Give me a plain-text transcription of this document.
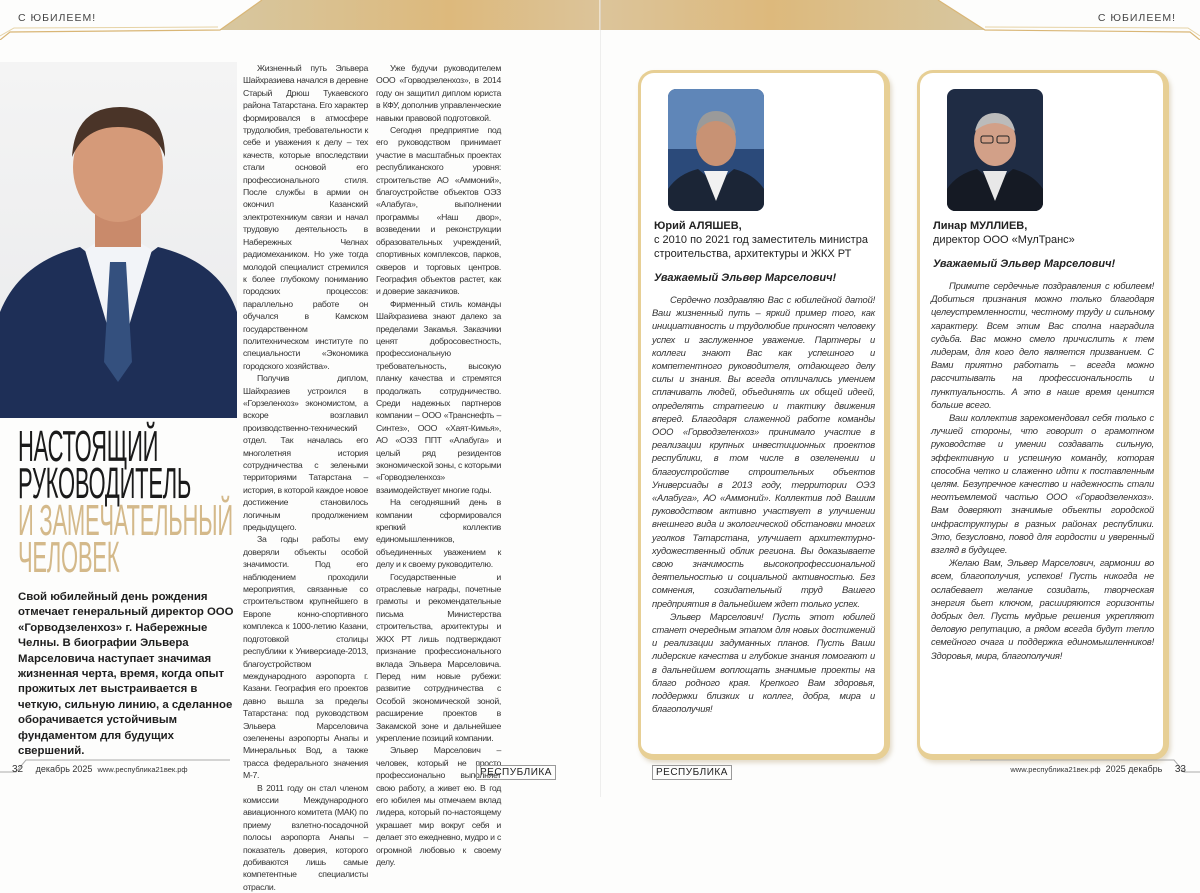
С ЮБИЛЕЕМ!	С ЮБИЛЕЕМ!
НАСТОЯЩИЙ
РУКОВОДИТЕЛЬ
И ЗАМЕЧАТЕЛЬНЫЙ
ЧЕЛОВЕК
Свой юбилейный день рождения отмечает генеральный директор ООО «Горводзеленхоз» г. Набережные Челны. В биографии Эльвера Марселовича наступает значимая жизненная черта, время, когда опыт прожитых лет выстраивается в четкую, сильную линию, а сделанное оборачивается устойчивым фундаментом для будущих свершений.

Жизненный путь Эльвера Шайхразиева начался в деревне Старый Дрюш Тукаевского района Татарстана. Его характер формировался в атмосфере трудолюбия, требовательности к себе и уважения к делу – тех качеств, которые впоследствии стали основой его профессионального стиля. После службы в армии он окончил Казанский электротехникум связи и начал трудовую деятельность в Набережных Челнах радиомехаником. Но уже тогда молодой специалист стремился к более глубокому пониманию городских процессов: параллельно работе он обучался в Камском государственном политехническом институте по специальности «Экономика городского хозяйства».

Получив диплом, Шайхразиев устроился в «Горзеленхоз» экономистом, а вскоре возглавил производственно-технический отдел. Так началась его многолетняя история сотрудничества с зелеными территориями Татарстана – история, в которой каждое новое достижение становилось логичным продолжением предыдущего.

За годы работы ему доверяли объекты особой значимости. Под его наблюдением проходили мероприятия, связанные со строительством крупнейшего в Европе конно-спортивного комплекса к 1000-летию Казани, подготовкой столицы республики к Универсиаде-2013, благоустройством международного аэропорта г. Казани. География его проектов давно вышла за пределы Татарстана: под руководством Эльвера Марселовича озеленены аэропорты Анапы и Минеральных Вод, а также трасса федерального значения М-7.

В 2011 году он стал членом комиссии Международного авиационного комитета (МАК) по приему взлетно-посадочной полосы аэропорта Анапы – показатель доверия, которого добиваются лишь самые компетентные специалисты отрасли.

Уже будучи руководителем ООО «Горводзеленхоз», в 2014 году он защитил диплом юриста в КФУ, дополнив управленческие навыки правовой подготовкой.

Сегодня предприятие под его руководством принимает участие в масштабных проектах республиканского уровня: строительстве АО «Аммоний», благоустройстве объектов ОЭЗ «Алабуга», выполнении программы «Наш двор», возведении и реконструкции образовательных учреждений, спортивных комплексов, парков, скверов и торговых центров. География объектов растет, как и доверие заказчиков.

Фирменный стиль команды Шайхразиева знают далеко за пределами Закамья. Заказчики ценят добросовестность, профессиональную требовательность, высокую планку качества и стремятся продолжать сотрудничество. Среди надежных партнеров компании – ООО «Транснефть – Синтез», ООО «Хаят-Кимья», АО «ОЭЗ ППТ «Алабуга» и целый ряд резидентов экономической зоны, с которыми «Горводзеленхоз» взаимодействует многие годы.

На сегодняшний день в компании сформировался крепкий коллектив единомышленников, объединенных уважением к делу и к своему руководителю.

Государственные и отраслевые награды, почетные грамоты и рекомендательные письма Министерства строительства, архитектуры и ЖКХ РТ лишь подтверждают признание профессионального вклада Эльвера Марселовича. Перед ним новые рубежи: развитие сотрудничества с Особой экономической зоной, расширение проектов в Закамской зоне и дальнейшее укрепление позиций компании.

Эльвер Марселович – человек, который не просто профессионально выполняет свою работу, а живет ею. В год его юбилея мы отмечаем вклад лидера, который по-настоящему украшает мир вокруг себя и делает это ежедневно, мудро и с огромной любовью к своему делу.

Юрий АЛЯШЕВ,
с 2010 по 2021 год заместитель министра строительства, архитектуры и ЖКХ РТ
Уважаемый Эльвер Марселович!

Сердечно поздравляю Вас с юбилейной датой! Ваш жизненный путь – яркий пример того, как инициативность и трудолюбие приносят человеку успех и заслуженное уважение. Партнеры и коллеги знают Вас как успешного и компетентного руководителя, отдающего делу силы и знания. Вы всегда отличались умением сплачивать людей, объединять их общей идеей, определять стратегию и тактику движения вперед. Благодаря слаженной работе команды ООО «Горводзеленхоз» принимало участие в реализации крупных инвестиционных проектов республики, в том числе в озеленении и благоустройстве строительных объектов Универсиады в 2013 году, территории ОЭЗ «Алабуга», АО «Аммоний». Коллектив под Вашим руководством активно участвует в улучшении внешнего вида и экологической обстановки многих уголков Татарстана, улучшает архитектурно-художественный облик региона. Вы доказываете свою значимость высокопрофессиональной деятельностью и социальной активностью. Без сомнения, созидательный труд Вашего предприятия в дальнейшем ждет только успех.

Эльвер Марселович! Пусть этот юбилей станет очередным этапом для новых достижений и реализации задуманных планов. Пусть Ваши лидерские качества и глубокие знания помогают и в дальнейшем воплощать значимые проекты на благо родного края. Крепкого Вам здоровья, поддержки близких и коллег, добра, мира и благополучия!

Линар МУЛЛИЕВ,
директор ООО «МулТранс»
Уважаемый Эльвер Марселович!

Примите сердечные поздравления с юбилеем! Добиться признания можно только благодаря целеустремленности, честному труду и сильному характеру. Всем этим Вас сполна наградила судьба. Вас можно смело причислить к тем лидерам, для кого дело является призванием. С Вами приятно работать – всегда можно рассчитывать на профессиональность и пунктуальность. А это в наше время ценится больше всего.

Ваш коллектив зарекомендовал себя только с лучшей стороны, что говорит о грамотном руководстве и умении создавать сильную, эффективную и успешную команду, которая способна четко и слаженно идти к поставленным целям. Безупречное качество и надежность стали неотъемлемой частью ООО «Горводзеленхоз». Вам доверяют значимые объекты городской инфраструктуры в разных районах республики. Это, безусловно, повод для гордости и уверенный взгляд в будущее.

Желаю Вам, Эльвер Марселович, гармонии во всем, благополучия, успехов! Пусть никогда не ослабевает желание созидать, творческая энергия бьет ключом, расширяются горизонты добрых дел. Пусть мудрые решения укрепляют деловую репутацию, а рядом всегда будут тепло семейного очага и поддержка единомышленников! Здоровья, мира, благополучия!

32 декабрь 2025 www.республика21век.рф	www.республика21век.рф 2025 декабрь 33
РЕСПУБЛИКА	РЕСПУБЛИКА
